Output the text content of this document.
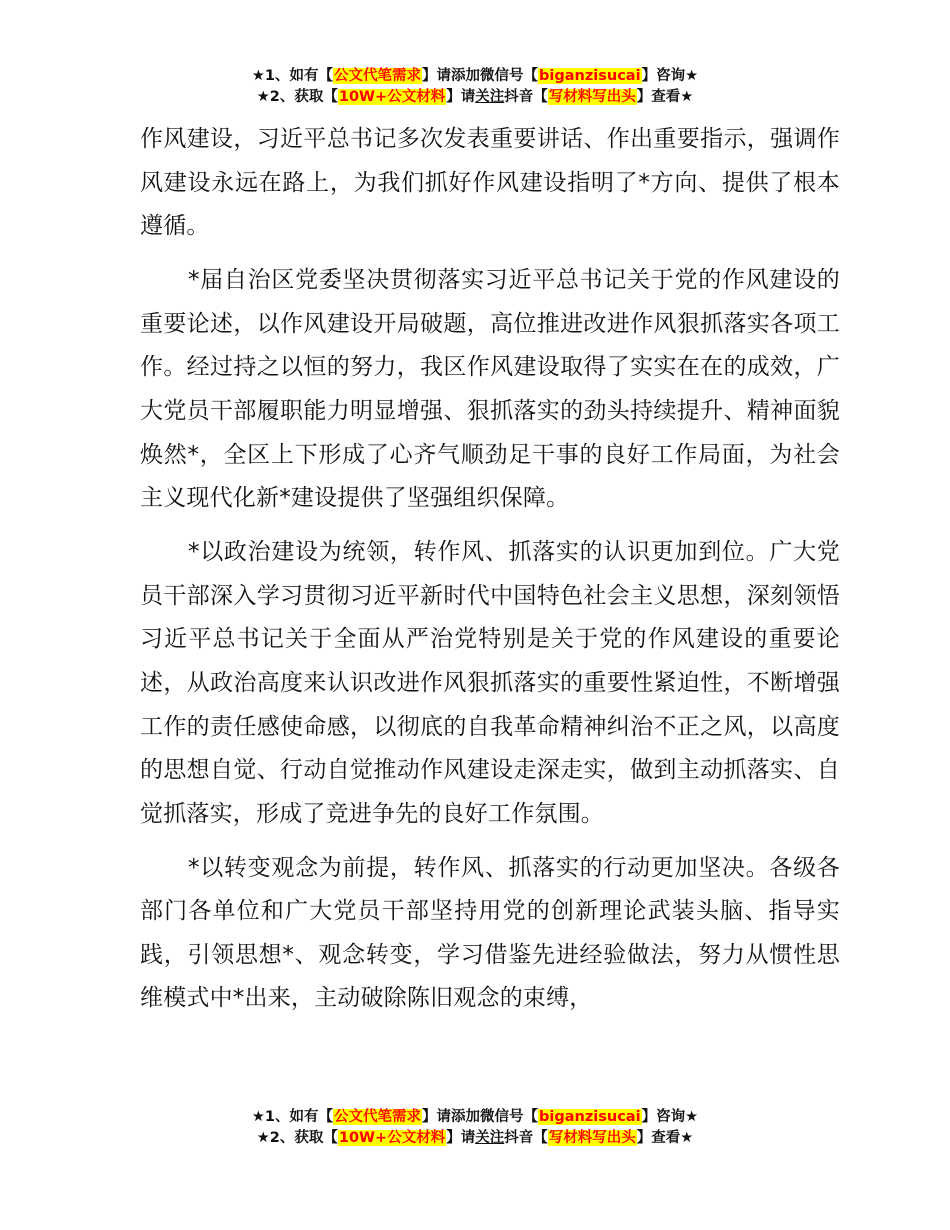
★1、如有【公文代笔需求】请添加微信号【biganzisucai】咨询★
★2、获取【10W+公文材料】请关注抖音【写材料写出头】查看★

作风建设，习近平总书记多次发表重要讲话、作出重要指示，强调作风建设永远在路上，为我们抓好作风建设指明了*方向、提供了根本遵循。

*届自治区党委坚决贯彻落实习近平总书记关于党的作风建设的重要论述，以作风建设开局破题，高位推进改进作风狠抓落实各项工作。经过持之以恒的努力，我区作风建设取得了实实在在的成效，广大党员干部履职能力明显增强、狠抓落实的劲头持续提升、精神面貌焕然*，全区上下形成了心齐气顺劲足干事的良好工作局面，为社会主义现代化新*建设提供了坚强组织保障。

*以政治建设为统领，转作风、抓落实的认识更加到位。广大党员干部深入学习贯彻习近平新时代中国特色社会主义思想，深刻领悟习近平总书记关于全面从严治党特别是关于党的作风建设的重要论述，从政治高度来认识改进作风狠抓落实的重要性紧迫性，不断增强工作的责任感使命感，以彻底的自我革命精神纠治不正之风，以高度的思想自觉、行动自觉推动作风建设走深走实，做到主动抓落实、自觉抓落实，形成了竞进争先的良好工作氛围。

*以转变观念为前提，转作风、抓落实的行动更加坚决。各级各部门各单位和广大党员干部坚持用党的创新理论武装头脑、指导实践，引领思想*、观念转变，学习借鉴先进经验做法，努力从惯性思维模式中*出来，主动破除陈旧观念的束缚，

★1、如有【公文代笔需求】请添加微信号【biganzisucai】咨询★
★2、获取【10W+公文材料】请关注抖音【写材料写出头】查看★
